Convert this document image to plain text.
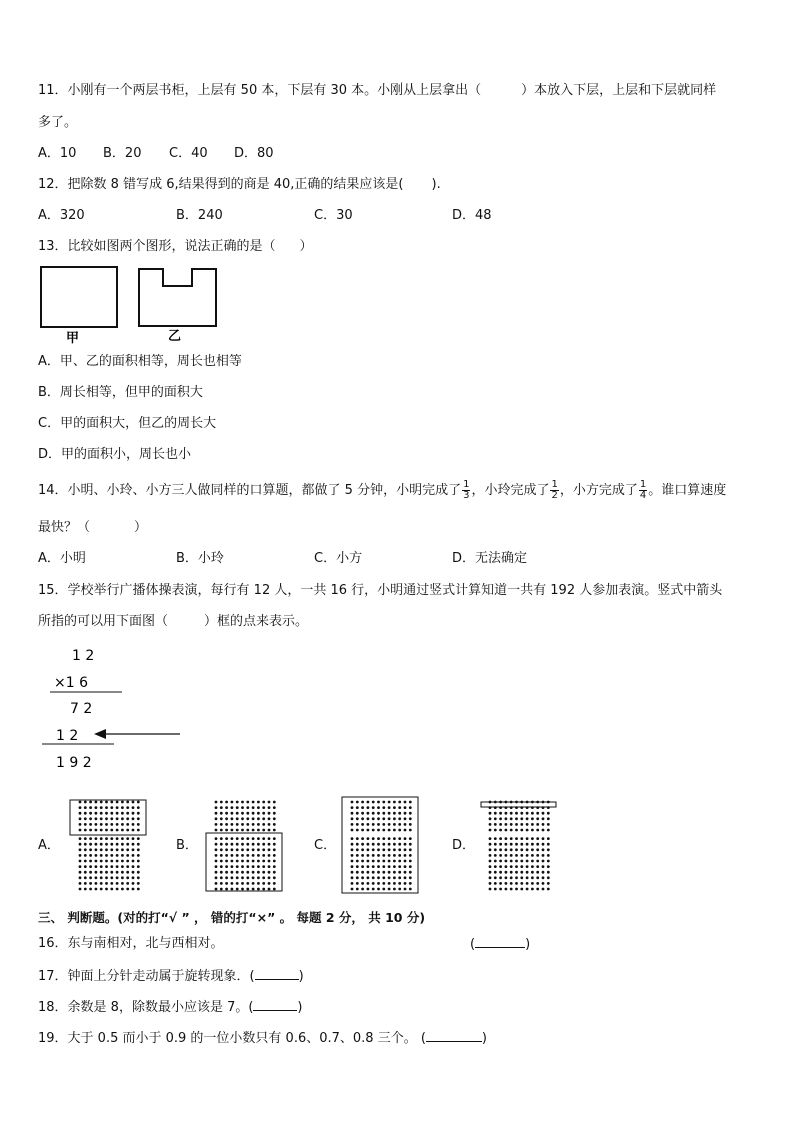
11．小刚有一个两层书柜，上层有 50 本，下层有 30 本。小刚从上层拿出（	）本放入下层，上层和下层就同样
多了。
A．10 B．20 C．40 D．80
12．把除数 8 错写成 6,结果得到的商是 40,正确的结果应该是( ).
A．320	B．240	C．30	D．48
13．比较如图两个图形，说法正确的是（ ）
甲	乙
A．甲、乙的面积相等，周长也相等
B．周长相等，但甲的面积大
C．甲的面积大，但乙的周长大
D．甲的面积小，周长也小
14．小明、小玲、小方三人做同样的口算题，都做了 5 分钟，小明完成了 $\frac{1}{3}$ ，小玲完成了 $\frac{1}{2}$ ，小方完成了 $\frac{1}{4}$ 。谁口算速度
最快？（	）
A．小明	B．小玲	C．小方	D．无法确定
15．学校举行广播体操表演，每行有 12 人，一共 16 行，小明通过竖式计算知道一共有 192 人参加表演。竖式中箭头
所指的可以用下面图（	）框的点来表示。
1 2
×1 6
7 2
1 2
1 9 2
A．	B．	C．	D．
三、 判断题。(对的打“√ ” ， 错的打“×” 。 每题 2 分， 共 10 分)
16．东与南相对，北与西相对。	(	)
17．钟面上分针走动属于旋转现象．(	)
18．余数是 8，除数最小应该是 7。(	)
19．大于 0.5 而小于 0.9 的一位小数只有 0.6、0.7、0.8 三个。 (	)
